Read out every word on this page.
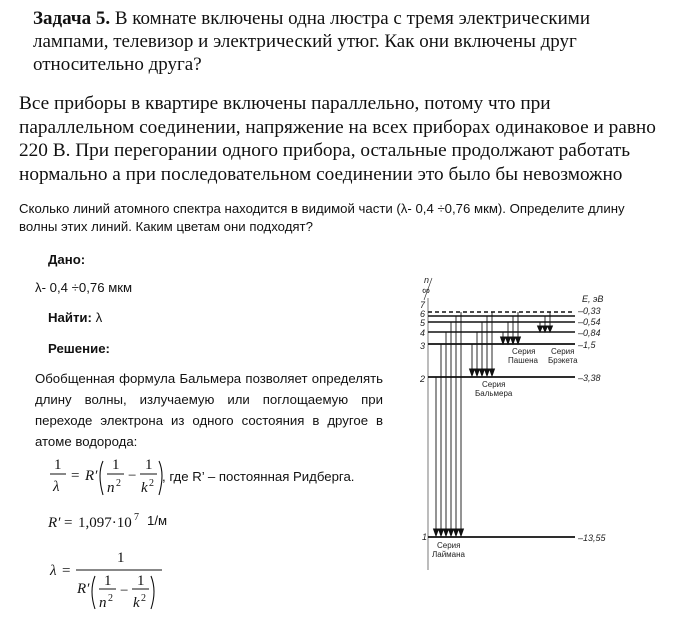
Задача 5. В комнате включены одна люстра с тремя электрическими лампами, телевизор и электрический утюг. Как они включены друг относительно друга?
Все приборы в квартире включены параллельно, потому что при параллельном соединении, напряжение на всех приборах одинаковое и равно 220 В. При перегорании одного прибора, остальные продолжают работать нормально а при последовательном соединении это было бы невозможно
Сколько линий атомного спектра находится в видимой части (λ- 0,4 ÷0,76 мкм). Определите длину волны этих линий. Каким цветам они подходят?
Дано:
λ- 0,4 ÷0,76 мкм
Найти: λ
Решение:
Обобщенная формула Бальмера позволяет определять длину волны, излучаемую или поглощаемую при переходе электрона из одного состояния в другое в
атоме водорода:
1
λ
= R′
1
n 2 −
1
k 2 , где R’ – постоянная Ридберга.
R′ = 1,097·10 7 1/м
λ =
1
R′ 1
n 2 −
1
k 2
n
∞
7
6
5
4
3
2
1
E, эВ
–0,33
–0,54
–0,84
–1,5
–3,38
–13,55
Серия
Пашена
Серия
Брэкета
Серия
Бальмера
Серия
Лаймана
